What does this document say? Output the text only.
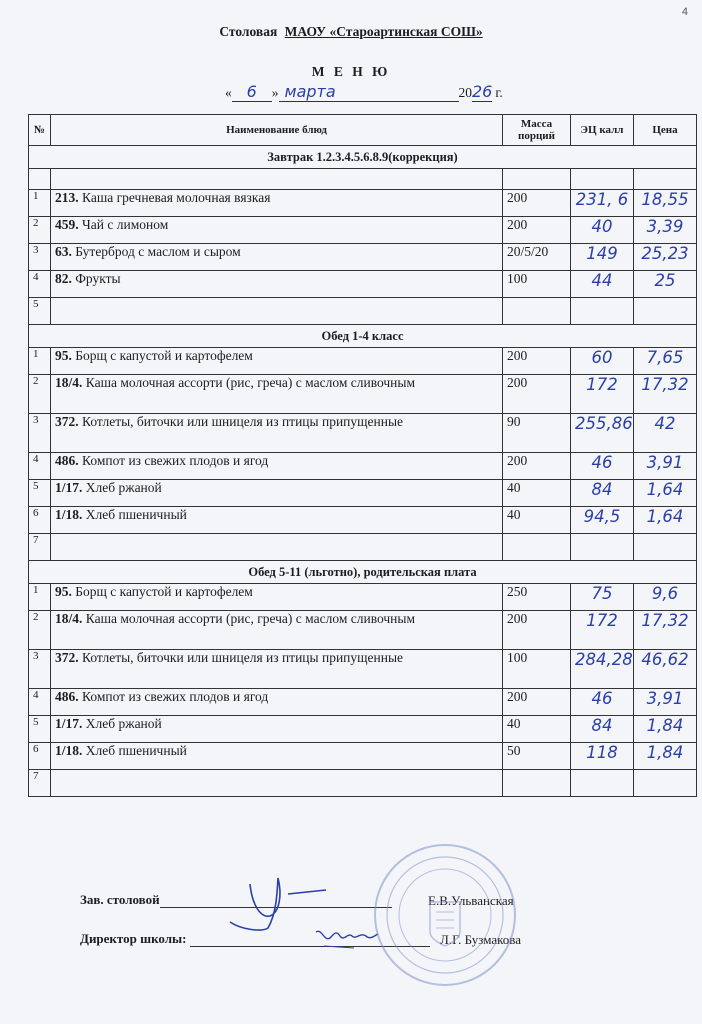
4
Столовая МАОУ «Староартинская СОШ»
М Е Н Ю
« 6 » марта	2026 г.
№	Наименование блюд	Масса порций	ЭЦ калл	Цена
Завтрак 1.2.3.4.5.6.8.9(коррекция)				

1	213. Каша гречневая молочная вязкая	200	231, 6	18,55
2	459. Чай с лимоном	200	40	3,39
3	63. Бутерброд с маслом и сыром	20/5/20	149	25,23
4	82. Фрукты	100	44	25
5				
Обед 1-4 класс				
1	95. Борщ с капустой и картофелем	200	60	7,65
2	18/4. Каша молочная ассорти (рис, греча) с маслом сливочным	200	172	17,32
3	372. Котлеты, биточки или шницеля из птицы припущенные	90	255,86	42
4	486. Компот из свежих плодов и ягод	200	46	3,91
5	1/17. Хлеб ржаной	40	84	1,64
6	1/18. Хлеб пшеничный	40	94,5	1,64
7				
Обед 5-11 (льготно), родительская плата				
1	95. Борщ с капустой и картофелем	250	75	9,6
2	18/4. Каша молочная ассорти (рис, греча) с маслом сливочным	200	172	17,32
3	372. Котлеты, биточки или шницеля из птицы припущенные	100	284,28	46,62
4	486. Компот из свежих плодов и ягод	200	46	3,91
5	1/17. Хлеб ржаной	40	84	1,84
6	1/18. Хлеб пшеничный	50	118	1,84
7				
Зав. столовой	Е.В.Ульванская
Директор школы:	Л.Г. Бузмакова
